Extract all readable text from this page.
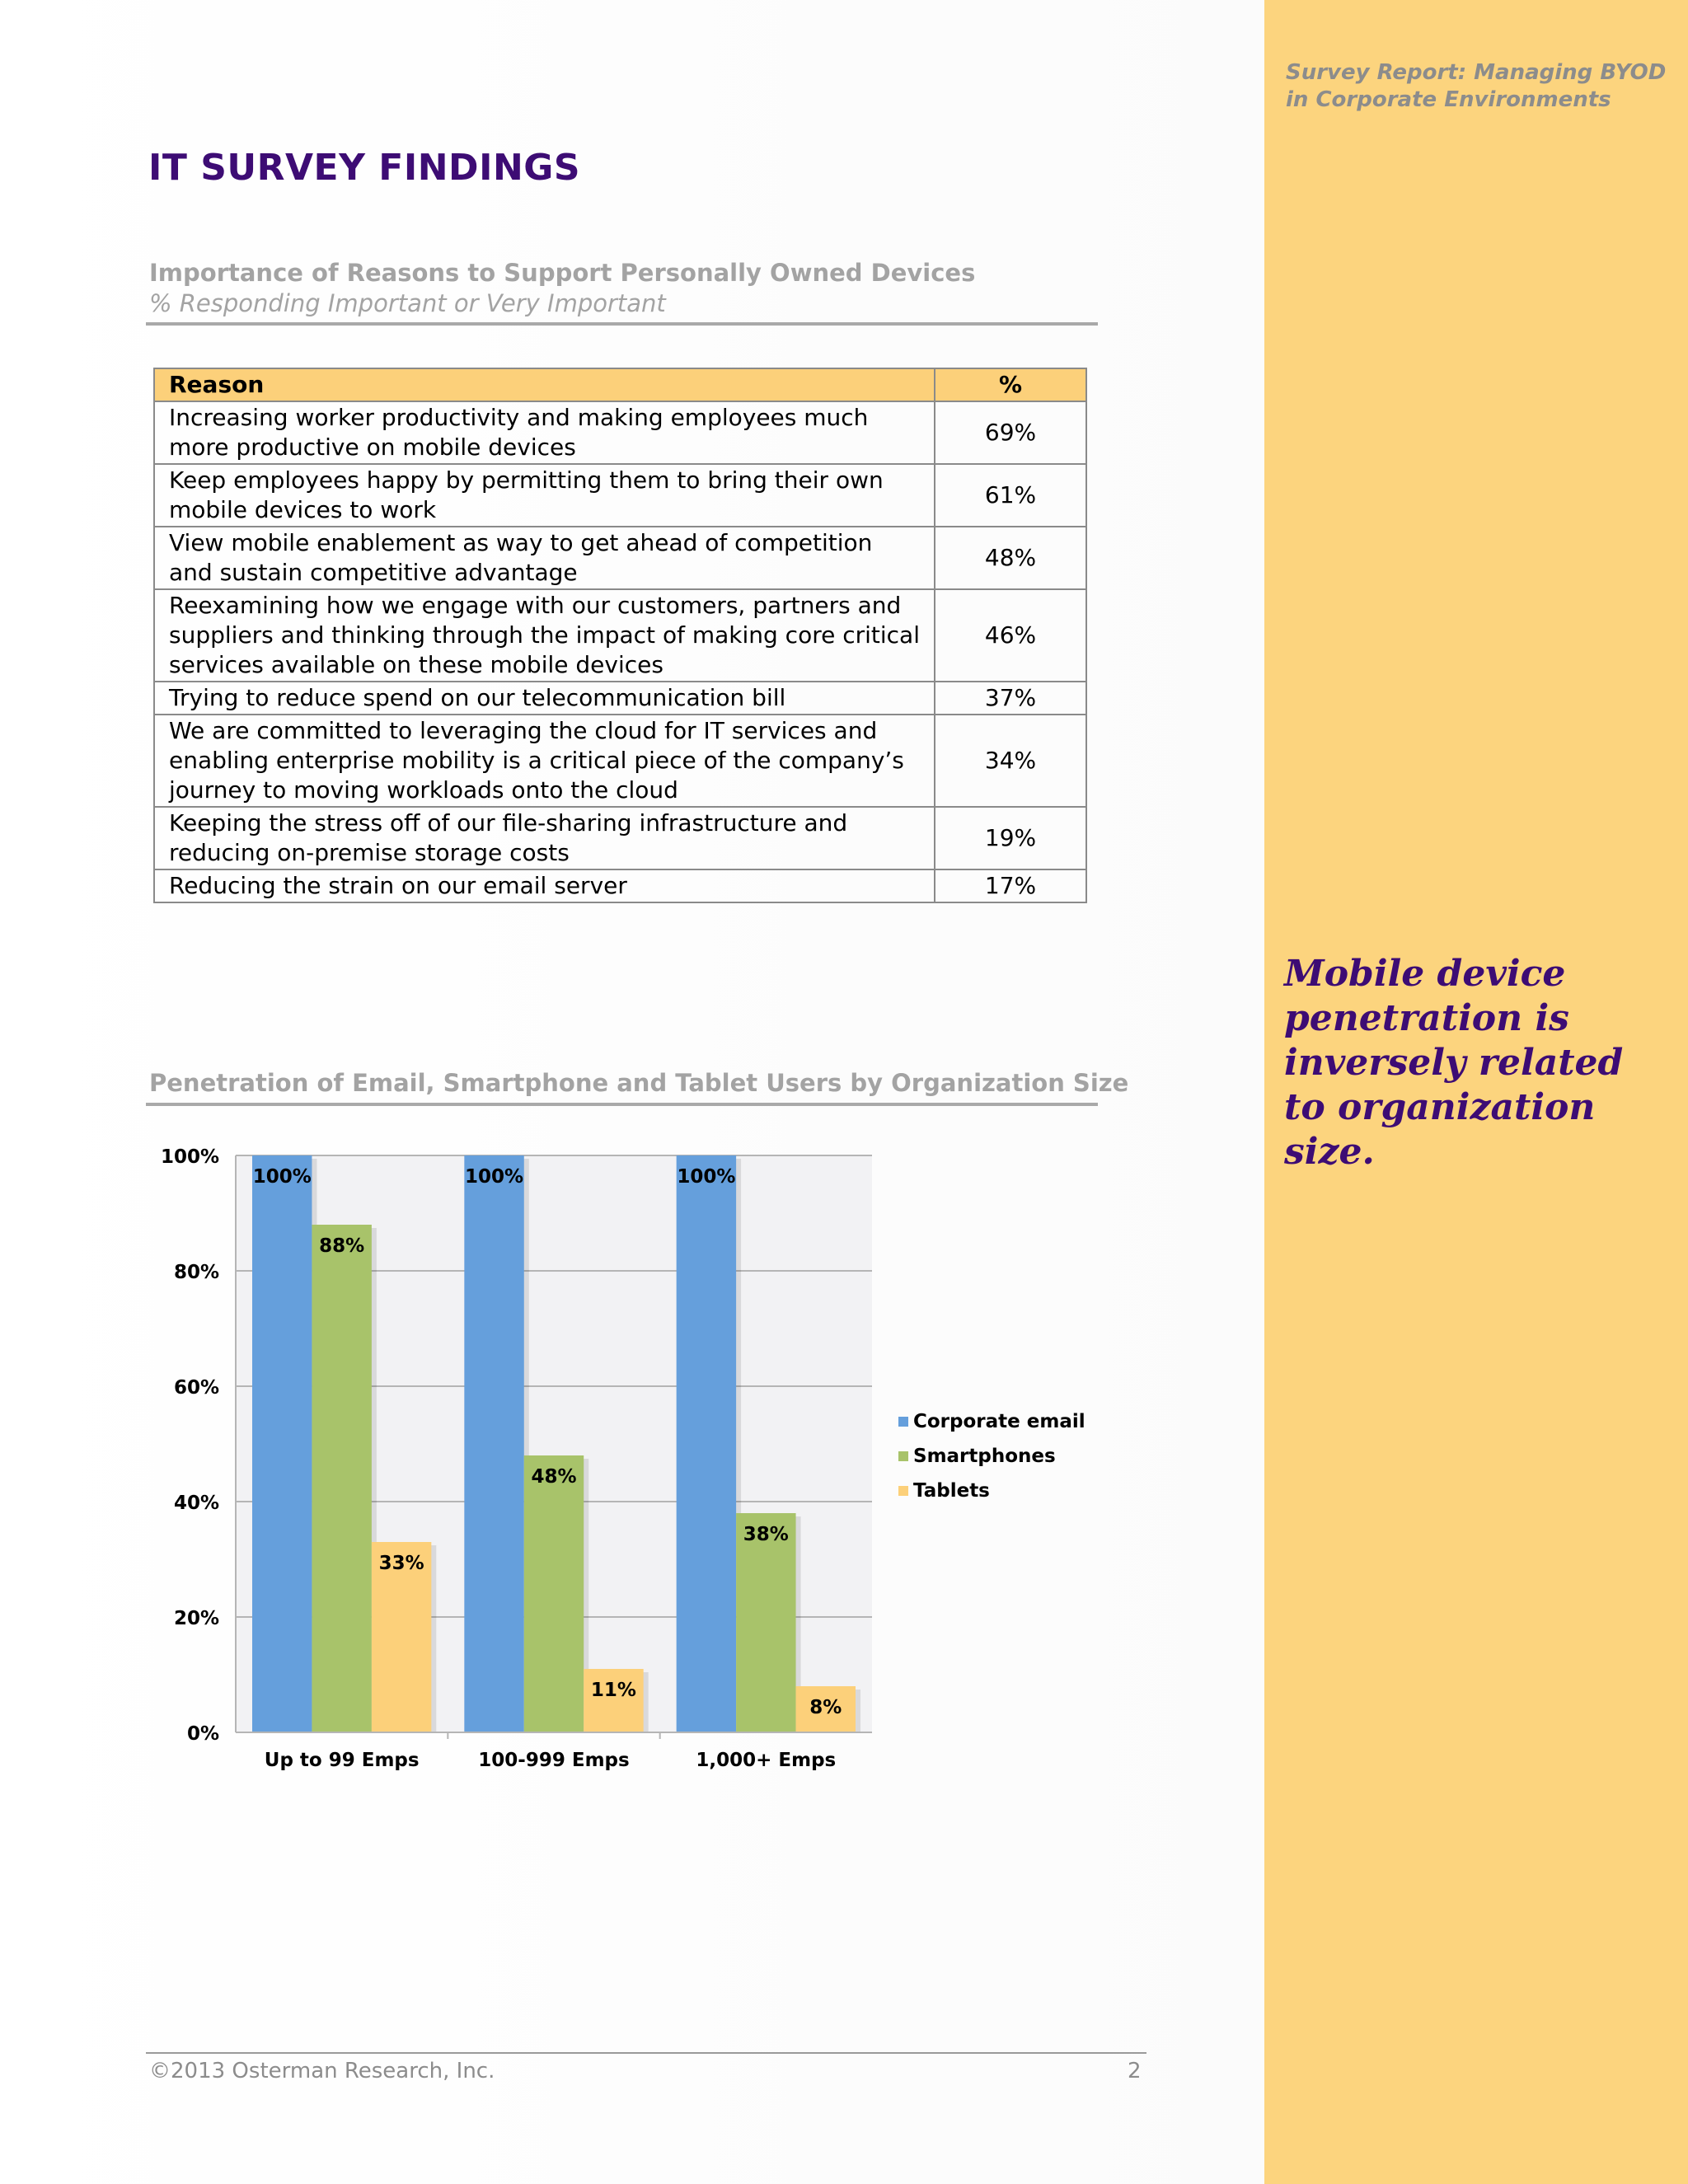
Survey Report: Managing BYOD
in Corporate Environments
Mobile device penetration is inversely related to organization size.
IT SURVEY FINDINGS
Importance of Reasons to Support Personally Owned Devices
% Responding Important or Very Important
Reason	%
Increasing worker productivity and making employees much more productive on mobile devices	69%
Keep employees happy by permitting them to bring their own mobile devices to work	61%
View mobile enablement as way to get ahead of competition and sustain competitive advantage	48%
Reexamining how we engage with our customers, partners and suppliers and thinking through the impact of making core critical services available on these mobile devices	46%
Trying to reduce spend on our telecommunication bill	37%
We are committed to leveraging the cloud for IT services and enabling enterprise mobility is a critical piece of the company’s journey to moving workloads onto the cloud	34%
Keeping the stress off of our file-sharing infrastructure and reducing on-premise storage costs	19%
Reducing the strain on our email server	17%
Penetration of Email, Smartphone and Tablet Users by Organization Size
0%
20%
40%
60%
80%
100%
100%
88%
33%
Up to 99 Emps
100%
48%
11%
100-999 Emps
100%
38%
8%
1,000+ Emps
Corporate email
Smartphones
Tablets
©2013 Osterman Research, Inc.	2
